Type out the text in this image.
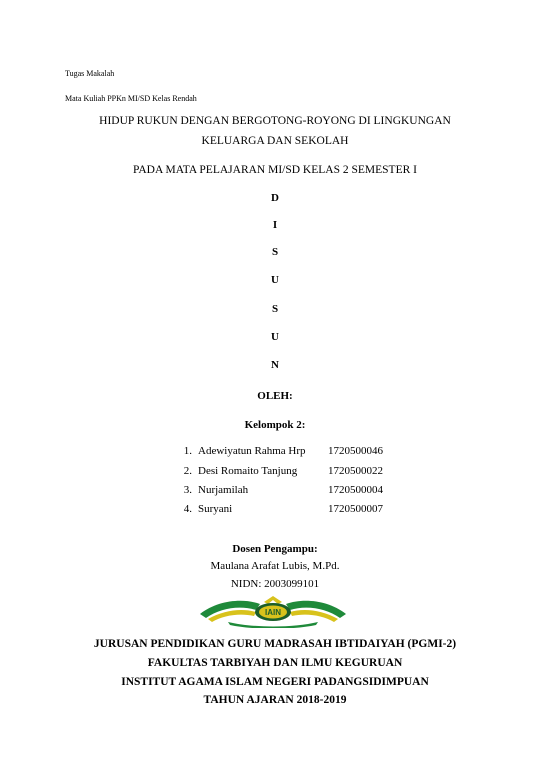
Tugas Makalah
Mata Kuliah PPKn MI/SD Kelas Rendah
HIDUP RUKUN DENGAN BERGOTONG-ROYONG DI LINGKUNGAN
KELUARGA DAN SEKOLAH
PADA MATA PELAJARAN MI/SD KELAS 2 SEMESTER I
D
I
S
U
S
U
N
OLEH:
Kelompok 2:
1. Adewiyatun Rahma Hrp 1720500046
2. Desi Romaito Tanjung	1720500022
3. Nurjamilah	1720500004
4. Suryani	1720500007
Dosen Pengampu:
Maulana Arafat Lubis, M.Pd.
NIDN: 2003099101
IAIN
JURUSAN PENDIDIKAN GURU MADRASAH IBTIDAIYAH (PGMI-2)
FAKULTAS TARBIYAH DAN ILMU KEGURUAN
INSTITUT AGAMA ISLAM NEGERI PADANGSIDIMPUAN
TAHUN AJARAN 2018-2019
